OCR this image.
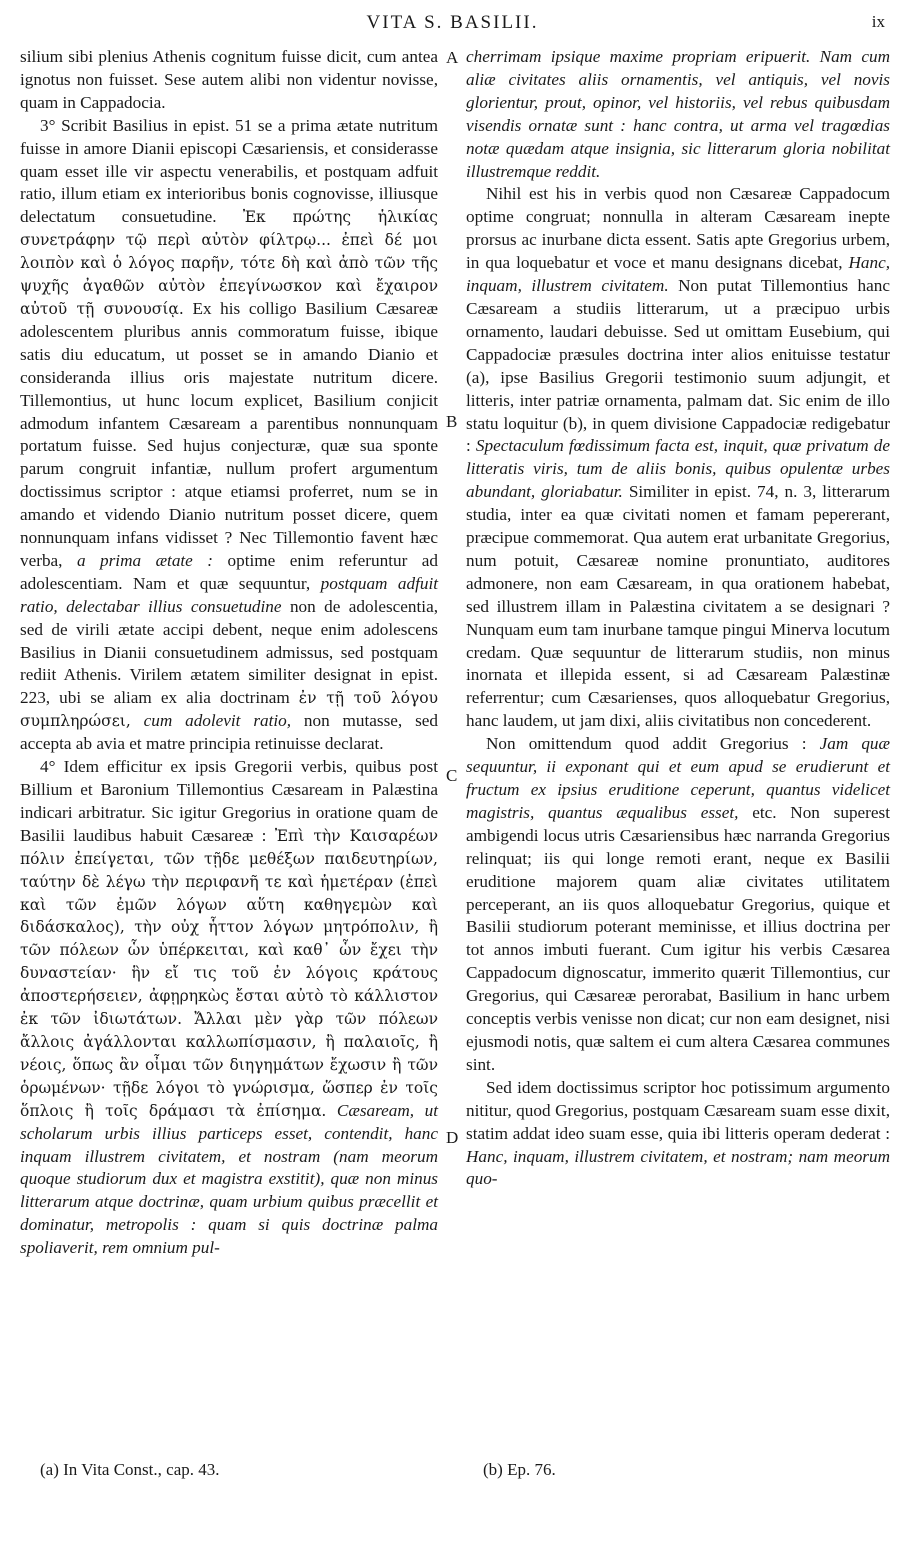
VITA S. BASILII.	ix
A
B
C
D

silium sibi plenius Athenis cognitum fuisse dicit, cum antea ignotus non fuisset. Sese autem alibi non videntur novisse, quam in Cappadocia.

3° Scribit Basilius in epist. 51 se a prima ætate nutritum fuisse in amore Dianii episcopi Cæsariensis, et considerasse quam esset ille vir aspectu venerabilis, et postquam adfuit ratio, illum etiam ex interioribus bonis cognovisse, illiusque delectatum consuetudine. Ἐκ πρώτης ἡλικίας συνετράφην τῷ περὶ αὐτὸν φίλτρῳ... ἐπεὶ δέ μοι λοιπὸν καὶ ὁ λόγος παρῆν, τότε δὴ καὶ ἀπὸ τῶν τῆς ψυχῆς ἀγαθῶν αὐτὸν ἐπεγίνωσκον καὶ ἔχαιρον αὐτοῦ τῇ συνουσίᾳ. Ex his colligo Basilium Cæsareæ adolescentem pluribus annis commoratum fuisse, ibique satis diu educatum, ut posset se in amando Dianio et consideranda illius oris majestate nutritum dicere. Tillemontius, ut hunc locum explicet, Basilium conjicit admodum infantem Cæsaream a parentibus nonnunquam portatum fuisse. Sed hujus conjecturæ, quæ sua sponte parum congruit infantiæ, nullum profert argumentum doctissimus scriptor : atque etiamsi proferret, num se in amando et videndo Dianio nutritum posset dicere, quem nonnunquam infans vidisset ? Nec Tillemontio favent hæc verba, a prima ætate : optime enim referuntur ad adolescentiam. Nam et quæ sequuntur, postquam adfuit ratio, delectabar illius consuetudine non de adolescentia, sed de virili ætate accipi debent, neque enim adolescens Basilius in Dianii consuetudinem admissus, sed postquam rediit Athenis. Virilem ætatem similiter designat in epist. 223, ubi se aliam ex alia doctrinam ἐν τῇ τοῦ λόγου συμπληρώσει, cum adolevit ratio, non mutasse, sed accepta ab avia et matre principia retinuisse declarat.

4° Idem efficitur ex ipsis Gregorii verbis, quibus post Billium et Baronium Tillemontius Cæsaream in Palæstina indicari arbitratur. Sic igitur Gregorius in oratione quam de Basilii laudibus habuit Cæsareæ : Ἐπὶ τὴν Καισαρέων πόλιν ἐπείγεται, τῶν τῇδε μεθέξων παιδευτηρίων, ταύτην δὲ λέγω τὴν περιφανῆ τε καὶ ἡμετέραν (ἐπεὶ καὶ τῶν ἐμῶν λόγων αὕτη καθηγεμὼν καὶ διδάσκαλος), τὴν οὐχ ἧττον λόγων μητρόπολιν, ἢ τῶν πόλεων ὧν ὑπέρκειται, καὶ καθ᾽ ὧν ἔχει τὴν δυναστείαν· ἣν εἴ τις τοῦ ἐν λόγοις κράτους ἀποστερήσειεν, ἀφῃρηκὼς ἔσται αὐτὸ τὸ κάλλιστον ἐκ τῶν ἰδιωτάτων. Ἄλλαι μὲν γὰρ τῶν πόλεων ἄλλοις ἀγάλλονται καλλωπίσμασιν, ἢ παλαιοῖς, ἢ νέοις, ὅπως ἂν οἶμαι τῶν διηγημάτων ἔχωσιν ἢ τῶν ὁρωμένων· τῇδε λόγοι τὸ γνώρισμα, ὥσπερ ἐν τοῖς ὅπλοις ἢ τοῖς δράμασι τὰ ἐπίσημα. Cæsaream, ut scholarum urbis illius particeps esset, contendit, hanc inquam illustrem civitatem, et nostram (nam meorum quoque studiorum dux et magistra exstitit), quæ non minus litterarum atque doctrinæ, quam urbium quibus præcellit et dominatur, metropolis : quam si quis doctrinæ palma spoliaverit, rem omnium pul-

cherrimam ipsique maxime propriam eripuerit. Nam cum aliæ civitates aliis ornamentis, vel antiquis, vel novis glorientur, prout, opinor, vel historiis, vel rebus quibusdam visendis ornatæ sunt : hanc contra, ut arma vel tragœdias notæ quædam atque insignia, sic litterarum gloria nobilitat illustremque reddit.

Nihil est his in verbis quod non Cæsareæ Cappadocum optime congruat; nonnulla in alteram Cæsaream inepte prorsus ac inurbane dicta essent. Satis apte Gregorius urbem, in qua loquebatur et voce et manu designans dicebat, Hanc, inquam, illustrem civitatem. Non putat Tillemontius hanc Cæsaream a studiis litterarum, ut a præcipuo urbis ornamento, laudari debuisse. Sed ut omittam Eusebium, qui Cappadociæ præsules doctrina inter alios enituisse testatur (a), ipse Basilius Gregorii testimonio suum adjungit, et litteris, inter patriæ ornamenta, palmam dat. Sic enim de illo statu loquitur (b), in quem divisione Cappadociæ redigebatur : Spectaculum fœdissimum facta est, inquit, quæ privatum de litteratis viris, tum de aliis bonis, quibus opulentæ urbes abundant, gloriabatur. Similiter in epist. 74, n. 3, litterarum studia, inter ea quæ civitati nomen et famam pepererant, præcipue commemorat. Qua autem erat urbanitate Gregorius, num potuit, Cæsareæ nomine pronuntiato, auditores admonere, non eam Cæsaream, in qua orationem habebat, sed illustrem illam in Palæstina civitatem a se designari ? Nunquam eum tam inurbane tamque pingui Minerva locutum credam. Quæ sequuntur de litterarum studiis, non minus inornata et illepida essent, si ad Cæsaream Palæstinæ referrentur; cum Cæsarienses, quos alloquebatur Gregorius, hanc laudem, ut jam dixi, aliis civitatibus non concederent.

Non omittendum quod addit Gregorius : Jam quæ sequuntur, ii exponant qui et eum apud se erudierunt et fructum ex ipsius eruditione ceperunt, quantus videlicet magistris, quantus æqualibus esset, etc. Non superest ambigendi locus utris Cæsariensibus hæc narranda Gregorius relinquat; iis qui longe remoti erant, neque ex Basilii eruditione majorem quam aliæ civitates utilitatem perceperant, an iis quos alloquebatur Gregorius, quique et Basilii studiorum poterant meminisse, et illius doctrina per tot annos imbuti fuerant. Cum igitur his verbis Cæsarea Cappadocum dignoscatur, immerito quærit Tillemontius, cur Gregorius, qui Cæsareæ perorabat, Basilium in hanc urbem conceptis verbis venisse non dicat; cur non eam designet, nisi ejusmodi notis, quæ saltem ei cum altera Cæsarea communes sint.

Sed idem doctissimus scriptor hoc potissimum argumento nititur, quod Gregorius, postquam Cæsaream suam esse dixit, statim addat ideo suam esse, quia ibi litteris operam dederat : Hanc, inquam, illustrem civitatem, et nostram; nam meorum quo-

(a) In Vita Const., cap. 43.	(b) Ep. 76.
